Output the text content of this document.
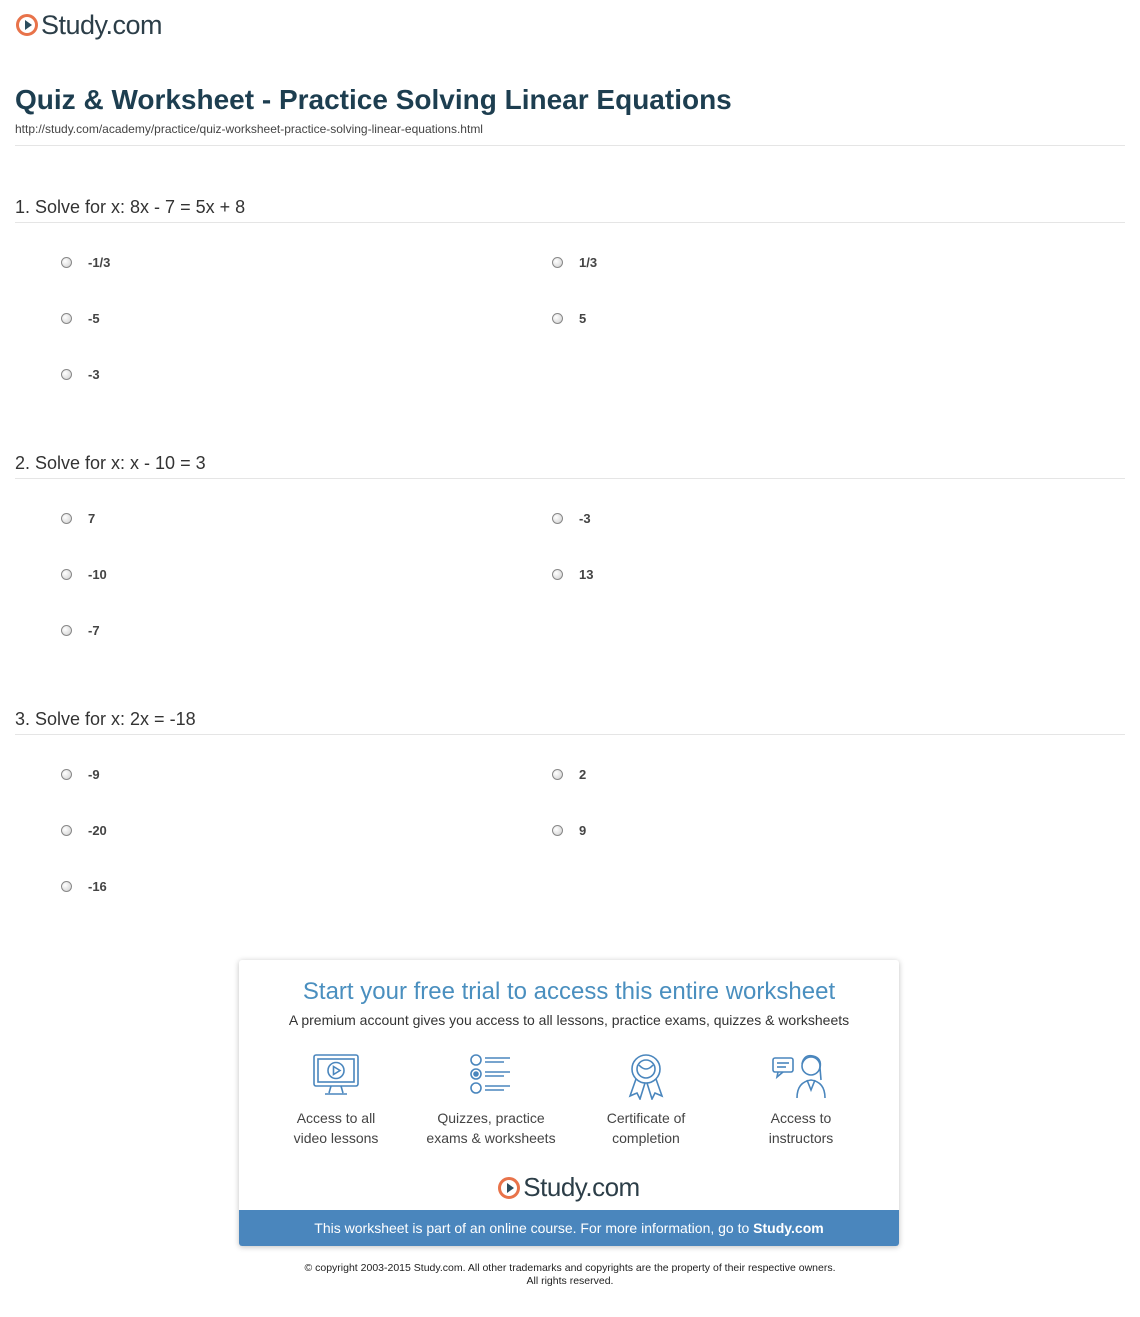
Study.com
Quiz & Worksheet - Practice Solving Linear Equations
http://study.com/academy/practice/quiz-worksheet-practice-solving-linear-equations.html
1. Solve for x: 8x - 7 = 5x + 8
-1/3	1/3
-5	5
-3
2. Solve for x: x - 10 = 3
7	-3
-10	13
-7
3. Solve for x: 2x = -18
-9	2
-20	9
-16
Start your free trial to access this entire worksheet
A premium account gives you access to all lessons, practice exams, quizzes & worksheets
Access to all
video lessons
Quizzes, practice
exams & worksheets
Certificate of
completion
Access to
instructors
Study.com
This worksheet is part of an online course. For more information, go to Study.com
© copyright 2003-2015 Study.com. All other trademarks and copyrights are the property of their respective owners.
All rights reserved.
